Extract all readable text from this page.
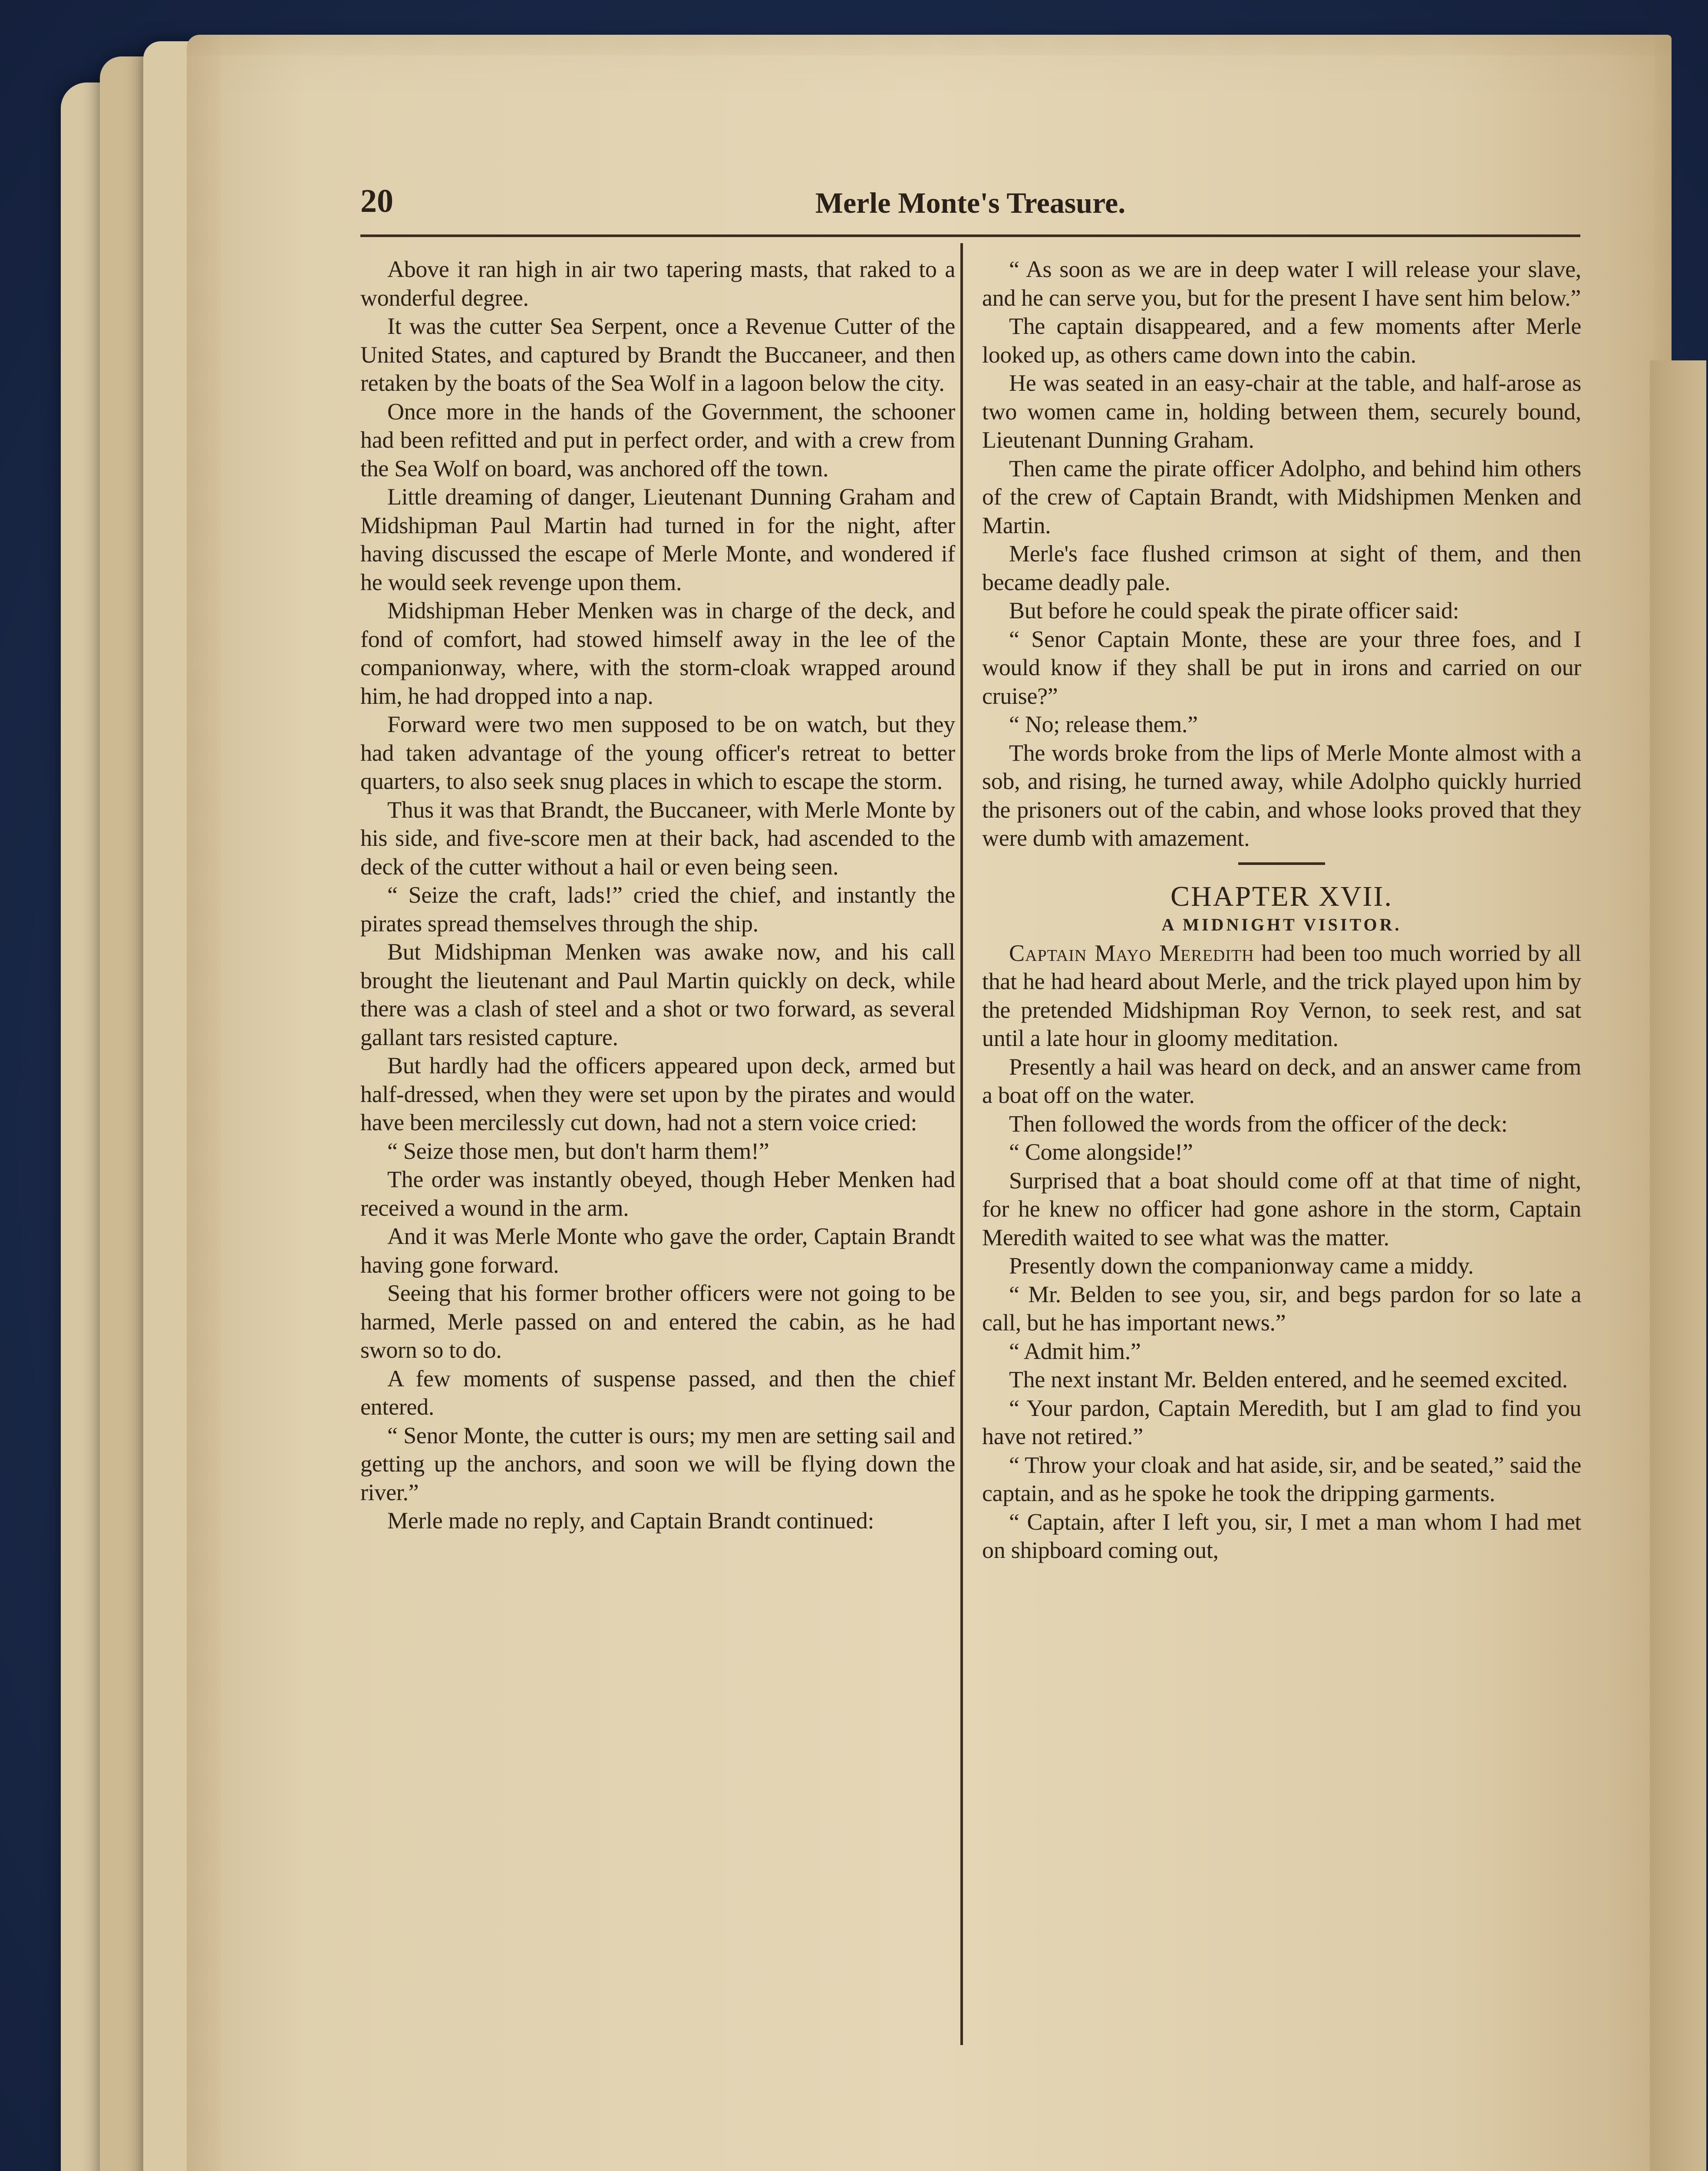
20	Merle Monte's Treasure.

Above it ran high in air two tapering masts, that raked to a wonderful degree.

It was the cutter Sea Serpent, once a Revenue Cutter of the United States, and captured by Brandt the Buccaneer, and then retaken by the boats of the Sea Wolf in a lagoon below the city.

Once more in the hands of the Government, the schooner had been refitted and put in perfect order, and with a crew from the Sea Wolf on board, was anchored off the town.

Little dreaming of danger, Lieutenant Dunning Graham and Midshipman Paul Martin had turned in for the night, after having discussed the escape of Merle Monte, and wondered if he would seek revenge upon them.

Midshipman Heber Menken was in charge of the deck, and fond of comfort, had stowed himself away in the lee of the companionway, where, with the storm-cloak wrapped around him, he had dropped into a nap.

Forward were two men supposed to be on watch, but they had taken advantage of the young officer's retreat to better quarters, to also seek snug places in which to escape the storm.

Thus it was that Brandt, the Buccaneer, with Merle Monte by his side, and five-score men at their back, had ascended to the deck of the cutter without a hail or even being seen.

“ Seize the craft, lads!” cried the chief, and instantly the pirates spread themselves through the ship.

But Midshipman Menken was awake now, and his call brought the lieutenant and Paul Martin quickly on deck, while there was a clash of steel and a shot or two forward, as several gallant tars resisted capture.

But hardly had the officers appeared upon deck, armed but half-dressed, when they were set upon by the pirates and would have been mercilessly cut down, had not a stern voice cried:

“ Seize those men, but don't harm them!”

The order was instantly obeyed, though Heber Menken had received a wound in the arm.

And it was Merle Monte who gave the order, Captain Brandt having gone forward.

Seeing that his former brother officers were not going to be harmed, Merle passed on and entered the cabin, as he had sworn so to do.

A few moments of suspense passed, and then the chief entered.

“ Senor Monte, the cutter is ours; my men are setting sail and getting up the anchors, and soon we will be flying down the river.”

Merle made no reply, and Captain Brandt continued:

“ As soon as we are in deep water I will release your slave, and he can serve you, but for the present I have sent him below.”

The captain disappeared, and a few moments after Merle looked up, as others came down into the cabin.

He was seated in an easy-chair at the table, and half-arose as two women came in, holding between them, securely bound, Lieutenant Dunning Graham.

Then came the pirate officer Adolpho, and behind him others of the crew of Captain Brandt, with Midshipmen Menken and Martin.

Merle's face flushed crimson at sight of them, and then became deadly pale.

But before he could speak the pirate officer said:

“ Senor Captain Monte, these are your three foes, and I would know if they shall be put in irons and carried on our cruise?”

“ No; release them.”

The words broke from the lips of Merle Monte almost with a sob, and rising, he turned away, while Adolpho quickly hurried the prisoners out of the cabin, and whose looks proved that they were dumb with amazement.

CHAPTER XVII.

A MIDNIGHT VISITOR.

Captain Mayo Meredith had been too much worried by all that he had heard about Merle, and the trick played upon him by the pretended Midshipman Roy Vernon, to seek rest, and sat until a late hour in gloomy meditation.

Presently a hail was heard on deck, and an answer came from a boat off on the water.

Then followed the words from the officer of the deck:

“ Come alongside!”

Surprised that a boat should come off at that time of night, for he knew no officer had gone ashore in the storm, Captain Meredith waited to see what was the matter.

Presently down the companionway came a middy.

“ Mr. Belden to see you, sir, and begs pardon for so late a call, but he has important news.”

“ Admit him.”

The next instant Mr. Belden entered, and he seemed excited.

“ Your pardon, Captain Meredith, but I am glad to find you have not retired.”

“ Throw your cloak and hat aside, sir, and be seated,” said the captain, and as he spoke he took the dripping garments.

“ Captain, after I left you, sir, I met a man whom I had met on shipboard coming out,
